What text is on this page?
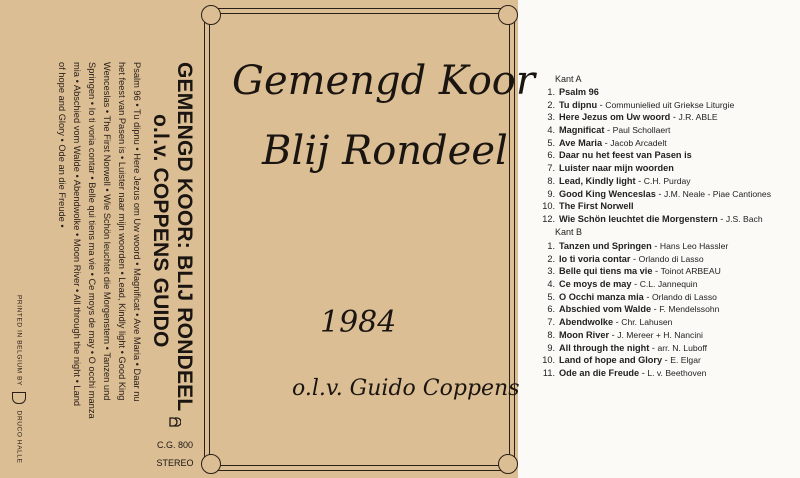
GEMENGD KOOR: BLIJ RONDEEL
o.l.v. COPPENS GUIDO
Psalm 96 • Tu dipnu • Here Jezus om Uw woord • Magnificat • Ave Maria • Daar nu
het feest van Pasen is • Luister naar mijn woorden • Lead, Kindly light • Good King
Wenceslas • The First Norwell • Wie Schön leuchtet die Morgenstern • Tanzen und
Springen • Io ti voria contar • Belle qui tiens ma vie • Ce moys de may • O occhi manza
mia • Abschied vom Walde • Abendwolke • Moon River • All through the night • Land
of hope and Glory • Ode an die Freude •
PRINTED IN BELGIUM BY  DRUCO HALLE	C.G. 800
STEREO
Gemengd Koor
Blij Rondeel
1984
o.l.v. Guido Coppens
Kant A
1. Psalm 96
2. Tu dipnu - Communielied uit Griekse Liturgie
3. Here Jezus om Uw woord - J.R. ABLE
4. Magnificat - Paul Schollaert
5. Ave Maria - Jacob Arcadelt
6. Daar nu het feest van Pasen is
7. Luister naar mijn woorden
8. Lead, Kindly light - C.H. Purday
9. Good King Wenceslas - J.M. Neale - Piae Cantiones
10. The First Norwell
12. Wie Schön leuchtet die Morgenstern - J.S. Bach
Kant B
1. Tanzen und Springen - Hans Leo Hassler
2. Io ti voria contar - Orlando di Lasso
3. Belle qui tiens ma vie - Toinot ARBEAU
4. Ce moys de may - C.L. Jannequin
5. O Occhi manza mia - Orlando di Lasso
6. Abschied vom Walde - F. Mendelssohn
7. Abendwolke - Chr. Lahusen
8. Moon River - J. Mereer + H. Nancini
9. All through the night - arr. N. Luboff
10. Land of hope and Glory - E. Elgar
11. Ode an die Freude - L. v. Beethoven
